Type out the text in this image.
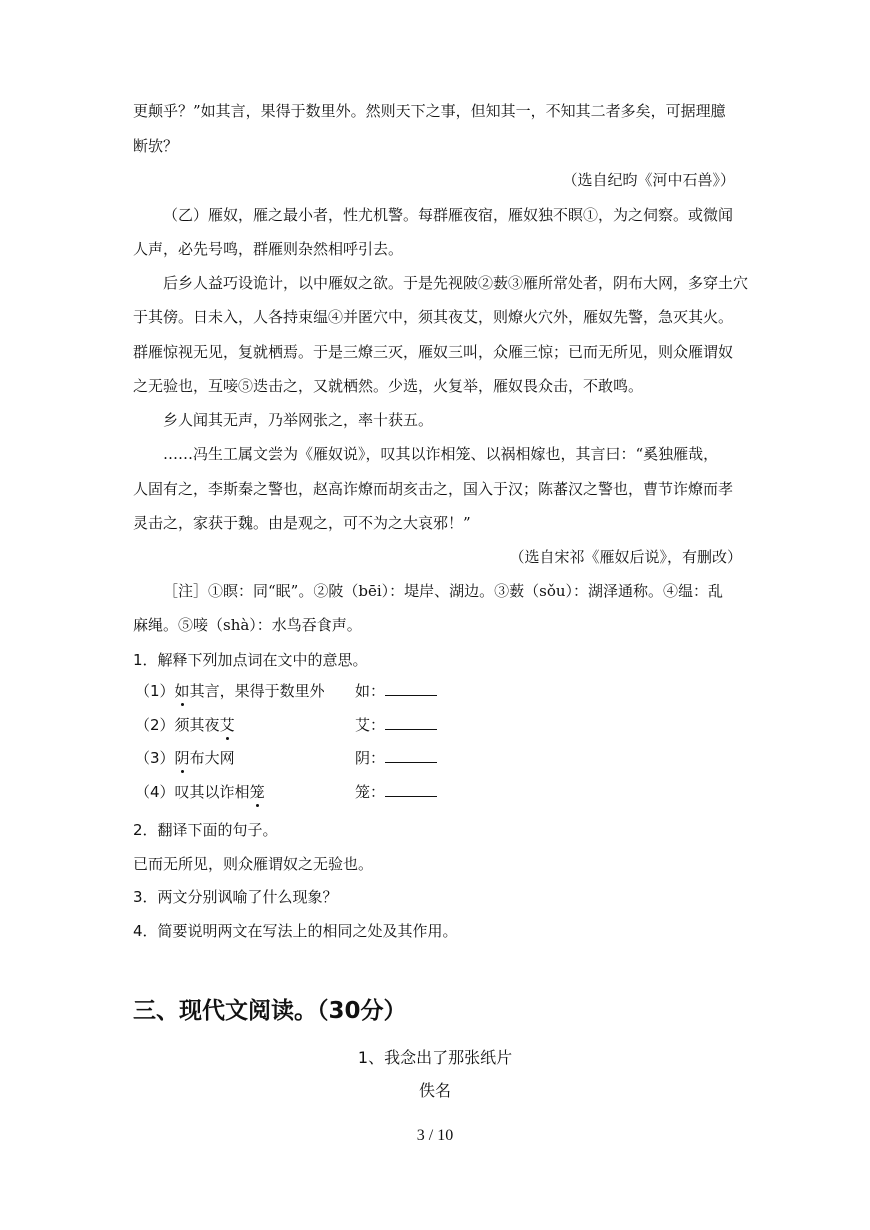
更颠乎？”如其言，果得于数里外。然则天下之事，但知其一，不知其二者多矣，可据理臆
断欤？
（选自纪昀《河中石兽》）
（乙）雁奴，雁之最小者，性尤机警。每群雁夜宿，雁奴独不瞑①，为之伺察。或微闻
人声，必先号鸣，群雁则杂然相呼引去。
后乡人益巧设诡计，以中雁奴之欲。于是先视陂②薮③雁所常处者，阴布大网，多穿土穴
于其傍。日未入，人各持束缊④并匿穴中，须其夜艾，则燎火穴外，雁奴先警，急灭其火。
群雁惊视无见，复就栖焉。于是三燎三灭，雁奴三叫，众雁三惊；已而无所见，则众雁谓奴
之无验也，互唼⑤迭击之，又就栖然。少选，火复举，雁奴畏众击，不敢鸣。
乡人闻其无声，乃举网张之，率十获五。
……冯生工属文尝为《雁奴说》，叹其以诈相笼、以祸相嫁也，其言曰：“奚独雁哉，
人固有之，李斯秦之警也，赵高诈燎而胡亥击之，国入于汉；陈蕃汉之警也，曹节诈燎而孝
灵击之，家获于魏。由是观之，可不为之大哀邪！”
（选自宋祁《雁奴后说》，有删改）
［注］①瞑：同“眠”。②陂（bēi）：堤岸、湖边。③薮（sǒu）：湖泽通称。④缊：乱
麻绳。⑤唼（shà）：水鸟吞食声。
1．解释下列加点词在文中的意思。
（1）如其言，果得于数里外 如：
（2）须其夜艾	艾：
（3）阴布大网	阴：
（4）叹其以诈相笼	笼：
2．翻译下面的句子。
已而无所见，则众雁谓奴之无验也。
3．两文分别讽喻了什么现象？
4．简要说明两文在写法上的相同之处及其作用。
三、现代文阅读。（30分）
1、我念出了那张纸片
佚名
3 / 10
